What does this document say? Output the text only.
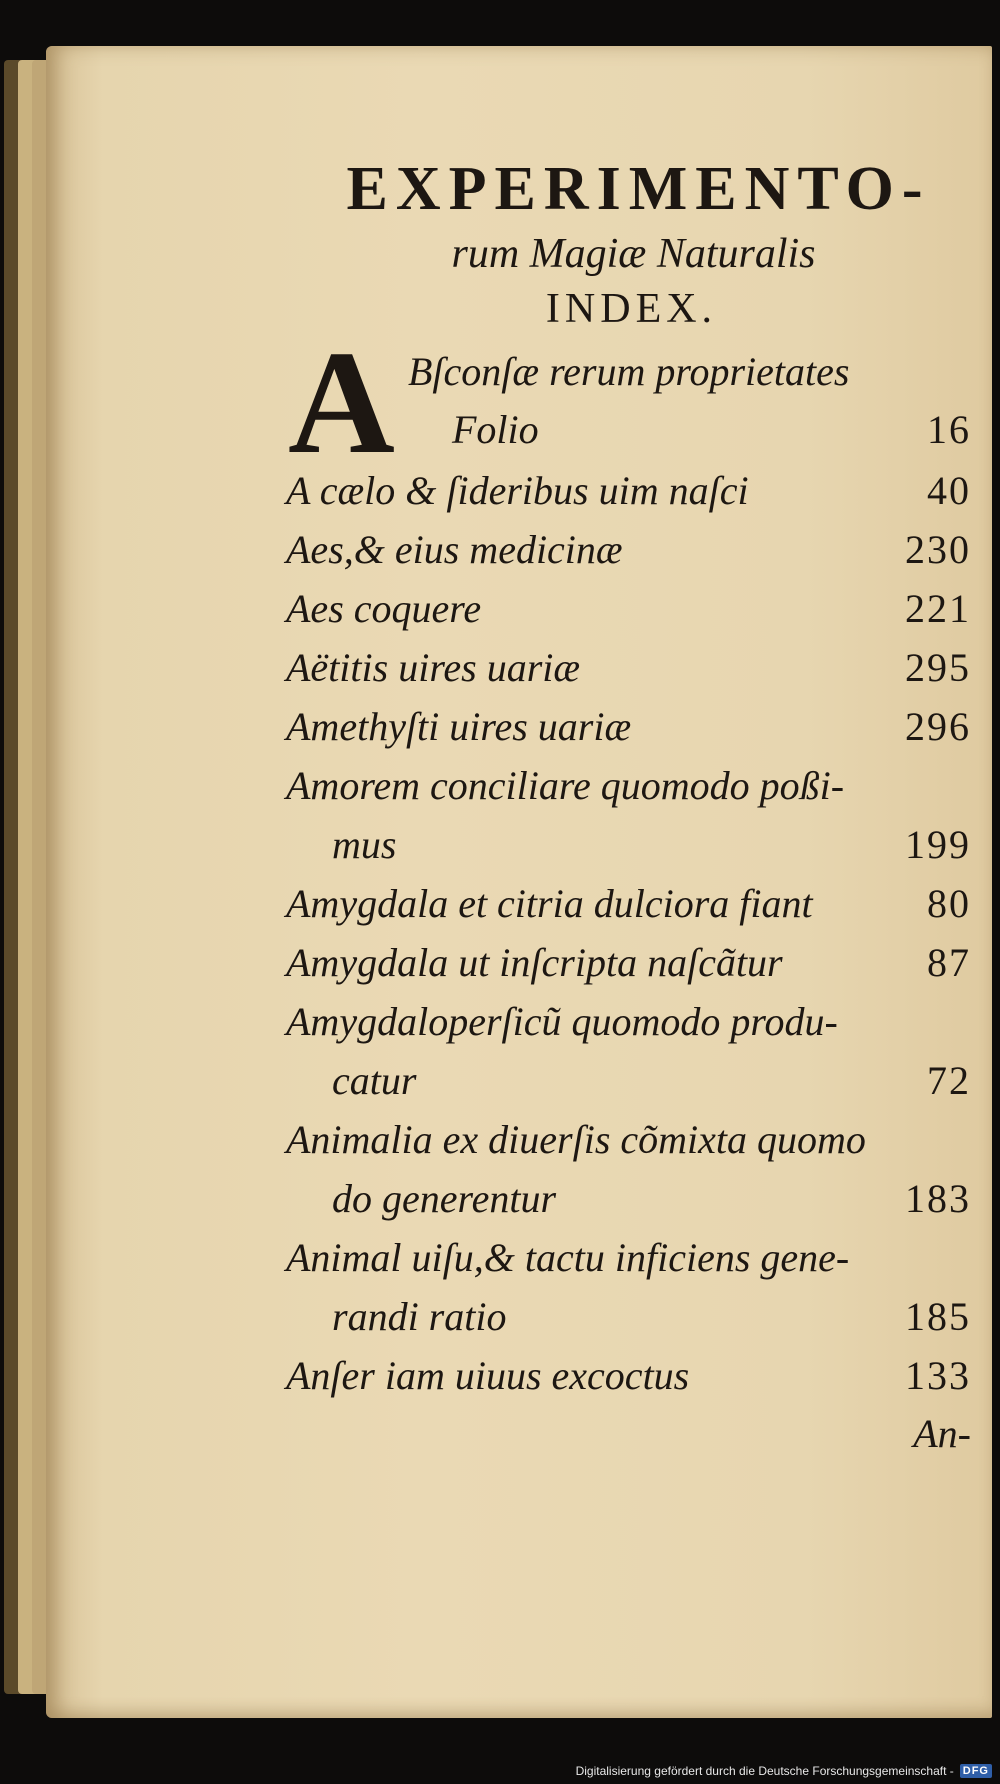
EXPERIMENTO-
rum Magiæ Naturalis
INDEX.
A Bſconſæ rerum proprietates
Folio	16
A cælo & ſideribus uim naſci	40
Aes,& eius medicinæ	230
Aes coquere	221
Aëtitis uires uariæ	295
Amethyſti uires uariæ	296
Amorem conciliare quomodo poßi-
mus	199
Amygdala et citria dulciora fiant	80
Amygdala ut inſcripta naſcãtur	87
Amygdaloperſicũ quomodo produ-
catur	72
Animalia ex diuerſis cõmixta quomo
do generentur	183
Animal uiſu,& tactu inficiens gene-
randi ratio	185
Anſer iam uiuus excoctus	133
An-
Digitalisierung gefördert durch die Deutsche Forschungsgemeinschaft - DFG
